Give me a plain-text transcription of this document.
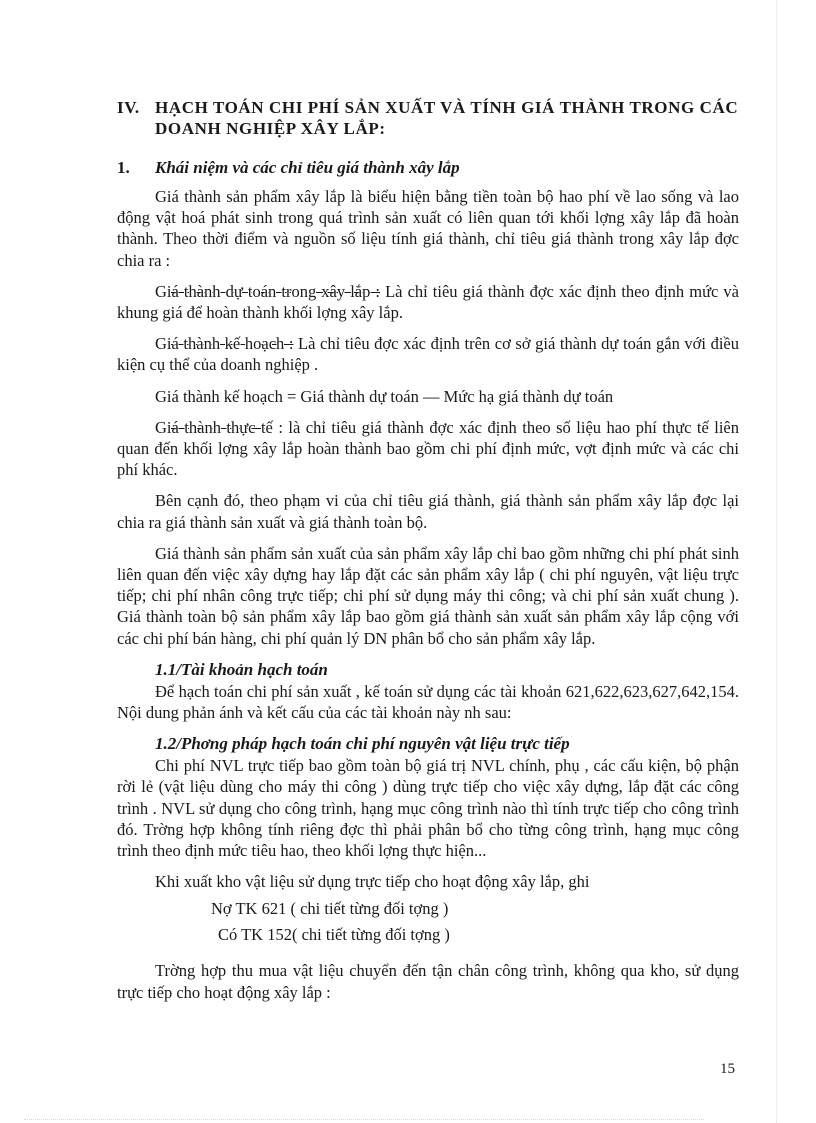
IV. HẠCH TOÁN CHI PHÍ SẢN XUẤT VÀ TÍNH GIÁ THÀNH TRONG CÁC DOANH NGHIỆP XÂY LẮP:
1.	Khái niệm và các chỉ tiêu giá thành xây lắp

Giá thành sản phẩm xây lắp là biểu hiện bằng tiền toàn bộ hao phí về lao sống và lao động vật hoá phát sinh trong quá trình sản xuất có liên quan tới khối lợng xây lắp đã hoàn thành. Theo thời điểm và nguồn số liệu tính giá thành, chỉ tiêu giá thành trong xây lắp đợc chia ra :

Giá thành dự toán trong xây lắp : Là chỉ tiêu giá thành đợc xác định theo định mức và khung giá để hoàn thành khối lợng xây lắp.

Giá thành kế hoạch : Là chỉ tiêu đợc xác định trên cơ sở giá thành dự toán gắn với điều kiện cụ thể của doanh nghiệp .

Giá thành kế hoạch = Giá thành dự toán — Mức hạ giá thành dự toán

Giá thành thực tế : là chỉ tiêu giá thành đợc xác định theo số liệu hao phí thực tế liên quan đến khối lợng xây lắp hoàn thành bao gồm chi phí định mức, vợt định mức và các chi phí khác.

Bên cạnh đó, theo phạm vi của chỉ tiêu giá thành, giá thành sản phẩm xây lắp đợc lại chia ra giá thành sản xuất và giá thành toàn bộ.

Giá thành sản phẩm sản xuất của sản phẩm xây lắp chỉ bao gồm những chi phí phát sinh liên quan đến việc xây dựng hay lắp đặt các sản phẩm xây lắp ( chi phí nguyên, vật liệu trực tiếp; chi phí nhân công trực tiếp; chi phí sử dụng máy thi công; và chi phí sản xuất chung ). Giá thành toàn bộ sản phẩm xây lắp bao gồm giá thành sản xuất sản phẩm xây lắp cộng với các chi phí bán hàng, chi phí quản lý DN phân bổ cho sản phẩm xây lắp.

1.1/Tài khoản hạch toán

Để hạch toán chi phí sản xuất , kế toán sử dụng các tài khoản 621,622,623,627,642,154. Nội dung phản ánh và kết cấu của các tài khoản này nh sau:

1.2/Phơng pháp hạch toán chi phí nguyên vật liệu trực tiếp

Chi phí NVL trực tiếp bao gồm toàn bộ giá trị NVL chính, phụ , các cấu kiện, bộ phận rời lẻ (vật liệu dùng cho máy thi công ) dùng trực tiếp cho việc xây dựng, lắp đặt các công trình . NVL sử dụng cho công trình, hạng mục công trình nào thì tính trực tiếp cho công trình đó. Trờng hợp không tính riêng đợc thì phải phân bổ cho từng công trình, hạng mục công trình theo định mức tiêu hao, theo khối lợng thực hiện...

Khi xuất kho vật liệu sử dụng trực tiếp cho hoạt động xây lắp, ghi

Nợ TK 621 ( chi tiết từng đối tợng )
Có TK 152( chi tiết từng đối tợng )

Trờng hợp thu mua vật liệu chuyển đến tận chân công trình, không qua kho, sử dụng trực tiếp cho hoạt động xây lắp :

15
